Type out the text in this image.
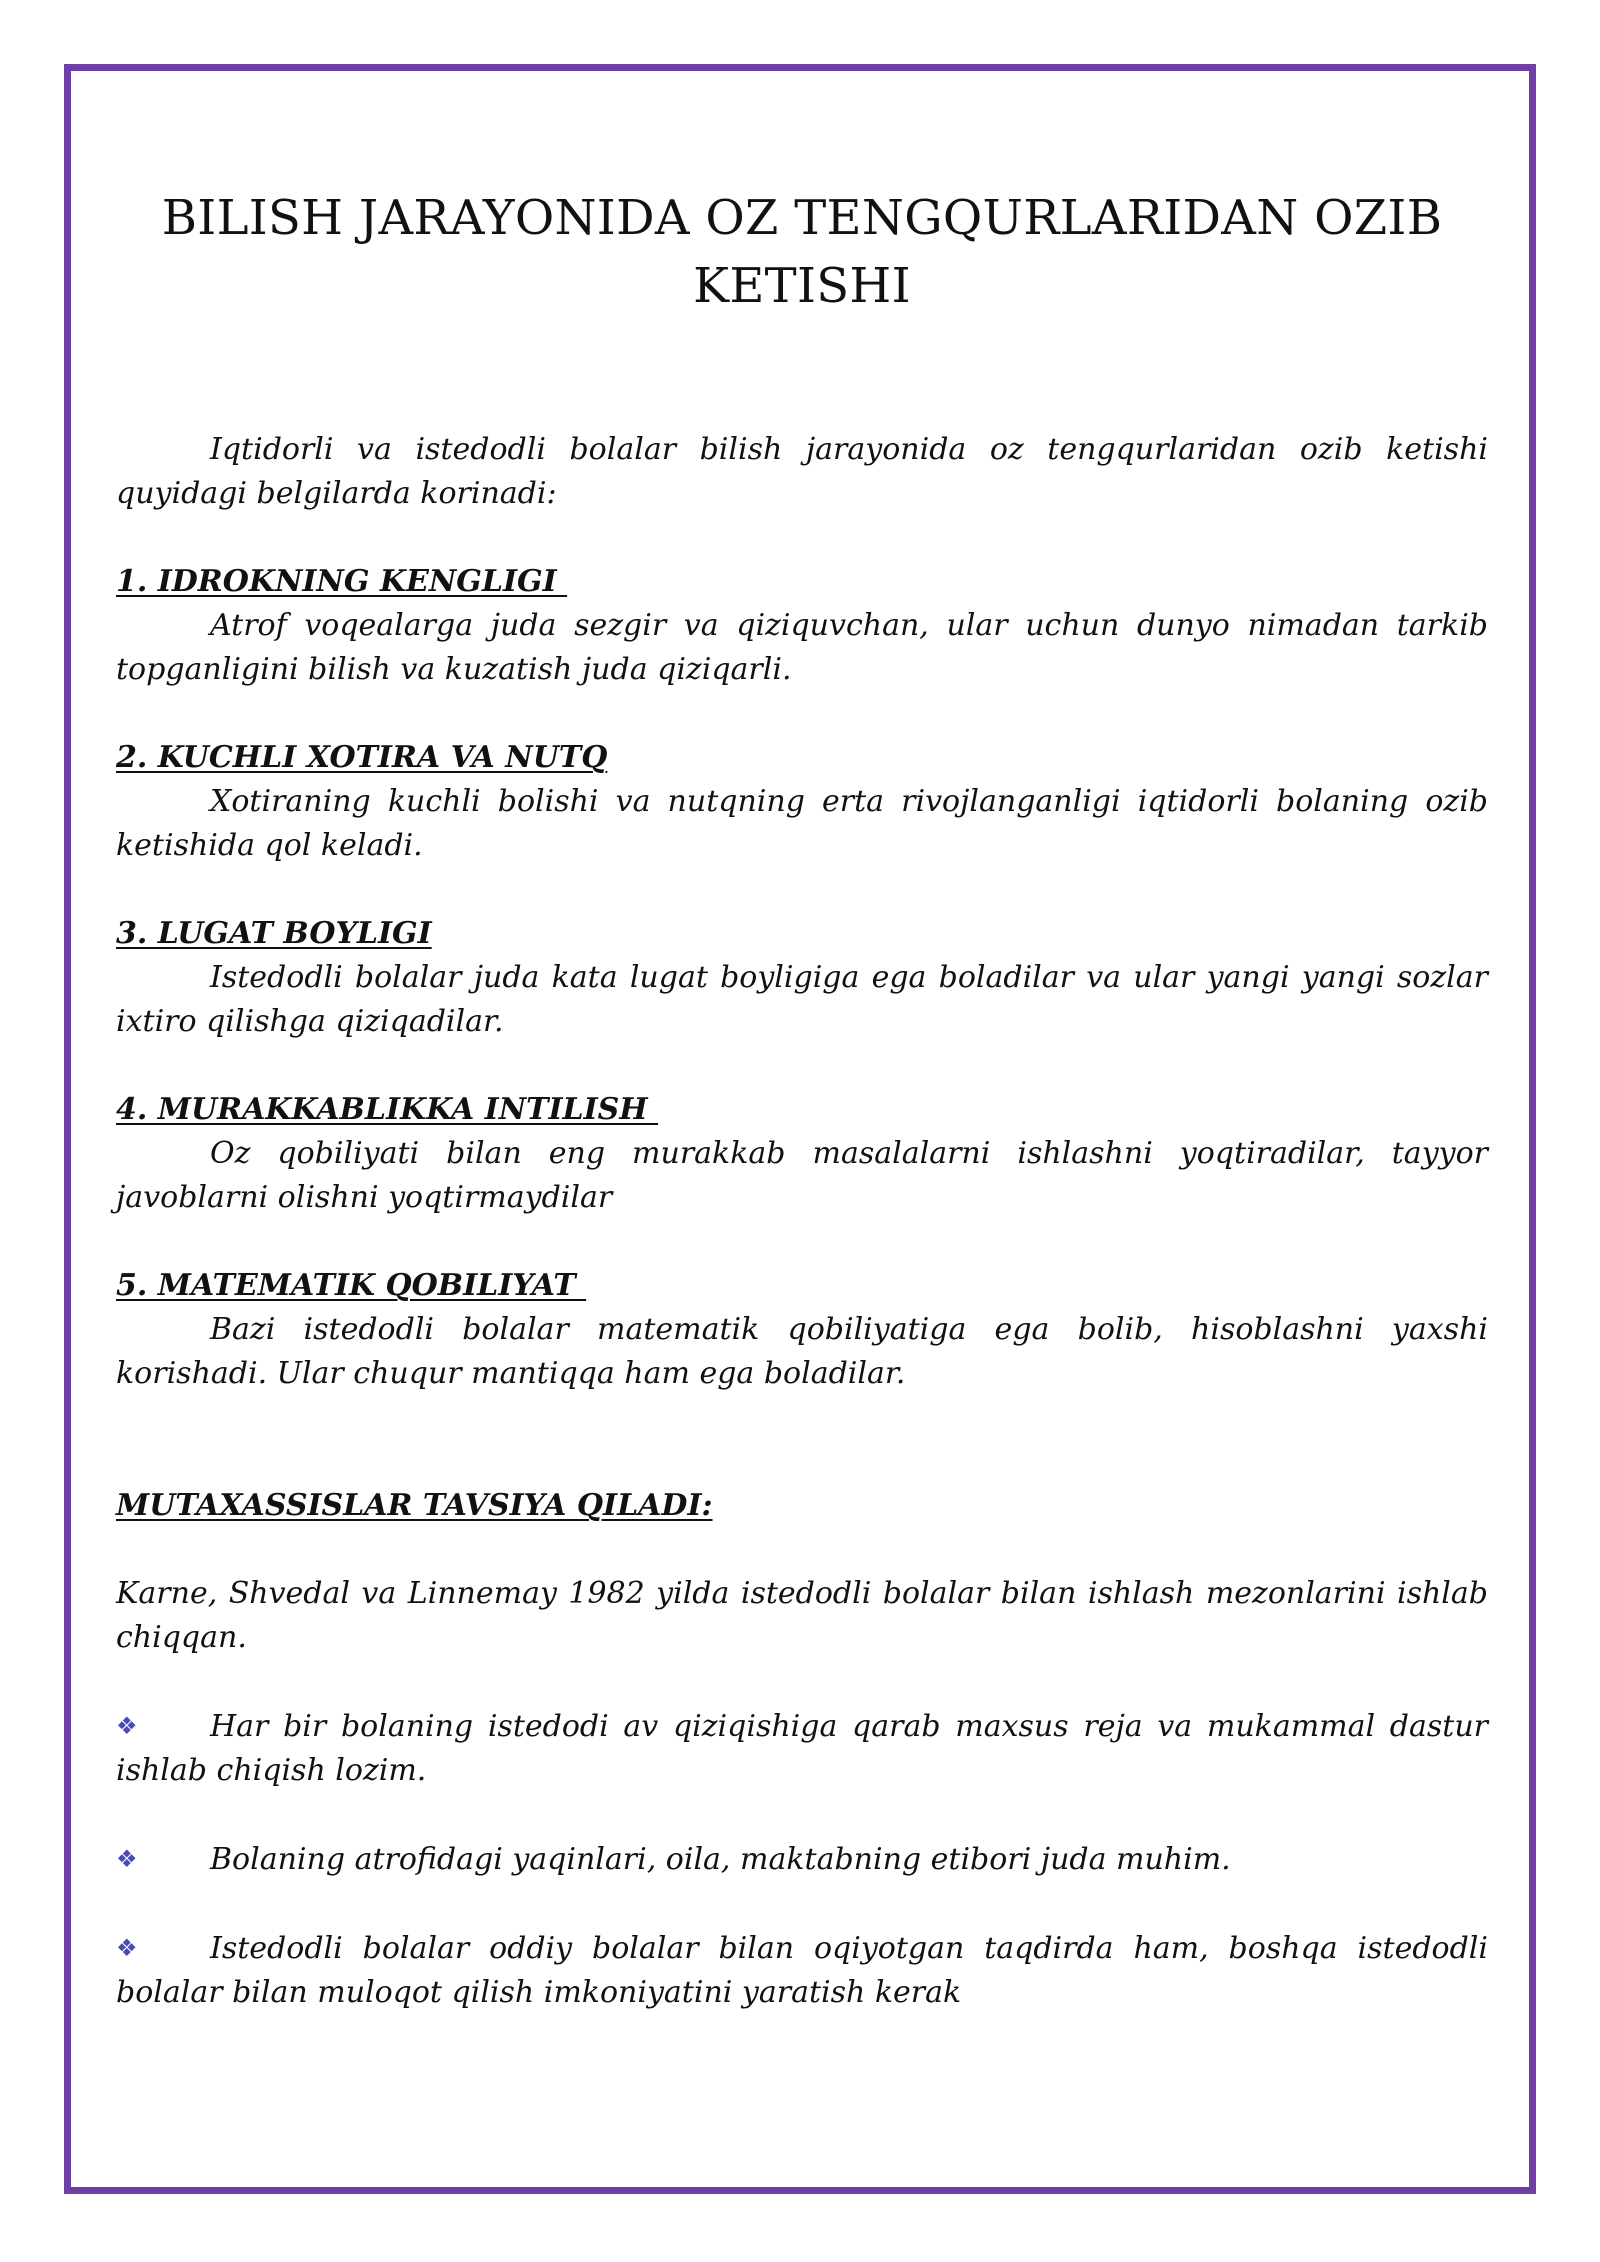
BILISH JARAYONIDA OZ TENGQURLARIDAN OZIB KETISHI

Iqtidorli va istedodli bolalar bilish jarayonida oz tengqurlaridan ozib ketishi quyidagi belgilarda korinadi:

1. IDROKNING KENGLIGI

Atrof voqealarga juda sezgir va qiziquvchan, ular uchun dunyo nimadan tarkib topganligini bilish va kuzatish juda qiziqarli.

2. KUCHLI XOTIRA VA NUTQ

Xotiraning kuchli bolishi va nutqning erta rivojlanganligi iqtidorli bolaning ozib ketishida qol keladi.

3. LUGAT BOYLIGI

Istedodli bolalar juda kata lugat boyligiga ega boladilar va ular yangi yangi sozlar ixtiro qilishga qiziqadilar.

4. MURAKKABLIKKA INTILISH

Oz qobiliyati bilan eng murakkab masalalarni ishlashni yoqtiradilar, tayyor javoblarni olishni yoqtirmaydilar

5. MATEMATIK QOBILIYAT

Bazi istedodli bolalar matematik qobiliyatiga ega bolib, hisoblashni yaxshi korishadi. Ular chuqur mantiqqa ham ega boladilar.

MUTAXASSISLAR TAVSIYA QILADI:

Karne, Shvedal va Linnemay 1982 yilda istedodli bolalar bilan ishlash mezonlarini ishlab chiqqan.

❖ Har bir bolaning istedodi av qiziqishiga qarab maxsus reja va mukammal dastur ishlab chiqish lozim.

❖ Bolaning atrofidagi yaqinlari, oila, maktabning etibori juda muhim.

❖ Istedodli bolalar oddiy bolalar bilan oqiyotgan taqdirda ham, boshqa istedodli bolalar bilan muloqot qilish imkoniyatini yaratish kerak
